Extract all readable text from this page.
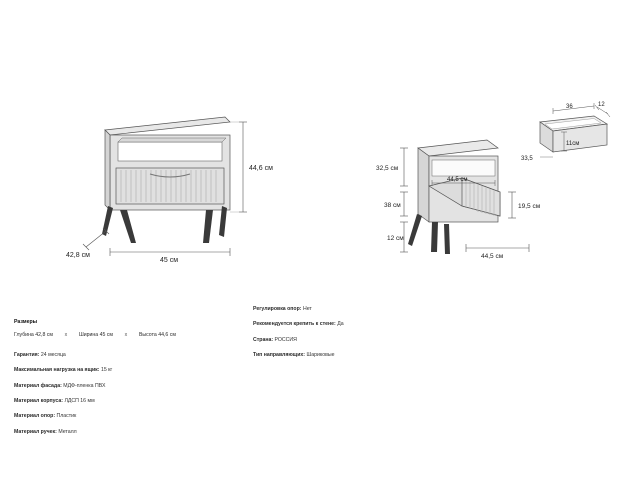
44,6 см
45 см
42,8 см
32,5 см
38 см
12 см
44,5 см
19,5 см
44,5 см
36	12
33,5
11см
Размеры
Глубина 42,8 см х Ширина 45 см х Высота 44,6 см
Гарантия: 24 месяца
Максимальная нагрузка на ящик: 15 кг
Материал фасада: МДФ-пленка ПВХ
Материал корпуса: ЛДСП 16 мм
Материал опор: Пластик
Материал ручек: Металл
Регулировка опор: Нет
Рекомендуется крепить к стене: Да
Страна: РОССИЯ
Тип направляющих: Шариковые
